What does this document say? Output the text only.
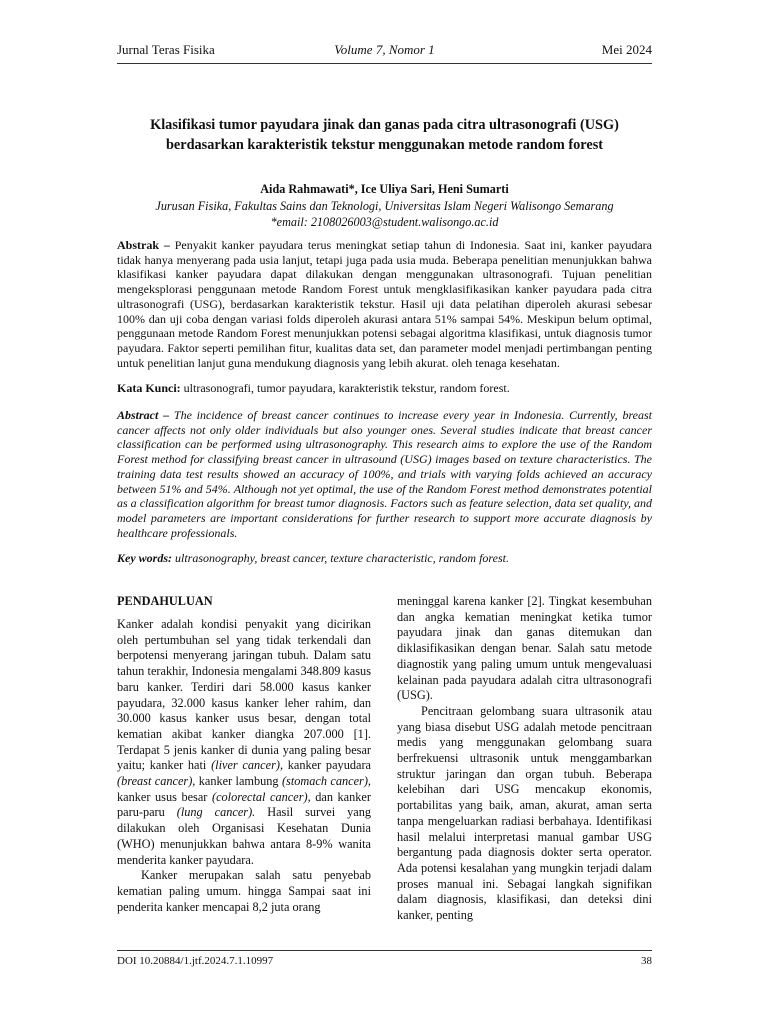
Jurnal Teras Fisika	Volume 7, Nomor 1	Mei 2024
Klasifikasi tumor payudara jinak dan ganas pada citra ultrasonografi (USG)
berdasarkan karakteristik tekstur menggunakan metode random forest
Aida Rahmawati*, Ice Uliya Sari, Heni Sumarti
Jurusan Fisika, Fakultas Sains dan Teknologi, Universitas Islam Negeri Walisongo Semarang
*email: 2108026003@student.walisongo.ac.id
Abstrak – Penyakit kanker payudara terus meningkat setiap tahun di Indonesia. Saat ini, kanker payudara tidak hanya menyerang pada usia lanjut, tetapi juga pada usia muda. Beberapa penelitian menunjukkan bahwa klasifikasi kanker payudara dapat dilakukan dengan menggunakan ultrasonografi. Tujuan penelitian mengeksplorasi penggunaan metode Random Forest untuk mengklasifikasikan kanker payudara pada citra ultrasonografi (USG), berdasarkan karakteristik tekstur. Hasil uji data pelatihan diperoleh akurasi sebesar 100% dan uji coba dengan variasi folds diperoleh akurasi antara 51% sampai 54%. Meskipun belum optimal, penggunaan metode Random Forest menunjukkan potensi sebagai algoritma klasifikasi, untuk diagnosis tumor payudara. Faktor seperti pemilihan fitur, kualitas data set, dan parameter model menjadi pertimbangan penting untuk penelitian lanjut guna mendukung diagnosis yang lebih akurat. oleh tenaga kesehatan.
Kata Kunci: ultrasonografi, tumor payudara, karakteristik tekstur, random forest.
Abstract – The incidence of breast cancer continues to increase every year in Indonesia. Currently, breast cancer affects not only older individuals but also younger ones. Several studies indicate that breast cancer classification can be performed using ultrasonography. This research aims to explore the use of the Random Forest method for classifying breast cancer in ultrasound (USG) images based on texture characteristics. The training data test results showed an accuracy of 100%, and trials with varying folds achieved an accuracy between 51% and 54%. Although not yet optimal, the use of the Random Forest method demonstrates potential as a classification algorithm for breast tumor diagnosis. Factors such as feature selection, data set quality, and model parameters are important considerations for further research to support more accurate diagnosis by healthcare professionals.
Key words: ultrasonography, breast cancer, texture characteristic, random forest.
PENDAHULUAN

Kanker adalah kondisi penyakit yang dicirikan oleh pertumbuhan sel yang tidak terkendali dan berpotensi menyerang jaringan tubuh. Dalam satu tahun terakhir, Indonesia mengalami 348.809 kasus baru kanker. Terdiri dari 58.000 kasus kanker payudara, 32.000 kasus kanker leher rahim, dan 30.000 kasus kanker usus besar, dengan total kematian akibat kanker diangka 207.000 [1]. Terdapat 5 jenis kanker di dunia yang paling besar yaitu; kanker hati (liver cancer), kanker payudara (breast cancer), kanker lambung (stomach cancer), kanker usus besar (colorectal cancer), dan kanker paru-paru (lung cancer). Hasil survei yang dilakukan oleh Organisasi Kesehatan Dunia (WHO) menunjukkan bahwa antara 8-9% wanita menderita kanker payudara.

Kanker merupakan salah satu penyebab kematian paling umum. hingga Sampai saat ini penderita kanker mencapai 8,2 juta orang

meninggal karena kanker [2]. Tingkat kesembuhan dan angka kematian meningkat ketika tumor payudara jinak dan ganas ditemukan dan diklasifikasikan dengan benar. Salah satu metode diagnostik yang paling umum untuk mengevaluasi kelainan pada payudara adalah citra ultrasonografi (USG).

Pencitraan gelombang suara ultrasonik atau yang biasa disebut USG adalah metode pencitraan medis yang menggunakan gelombang suara berfrekuensi ultrasonik untuk menggambarkan struktur jaringan dan organ tubuh. Beberapa kelebihan dari USG mencakup ekonomis, portabilitas yang baik, aman, akurat, aman serta tanpa mengeluarkan radiasi berbahaya. Identifikasi hasil melalui interpretasi manual gambar USG bergantung pada diagnosis dokter serta operator. Ada potensi kesalahan yang mungkin terjadi dalam proses manual ini. Sebagai langkah signifikan dalam diagnosis, klasifikasi, dan deteksi dini kanker, penting

DOI 10.20884/1.jtf.2024.7.1.10997	38
